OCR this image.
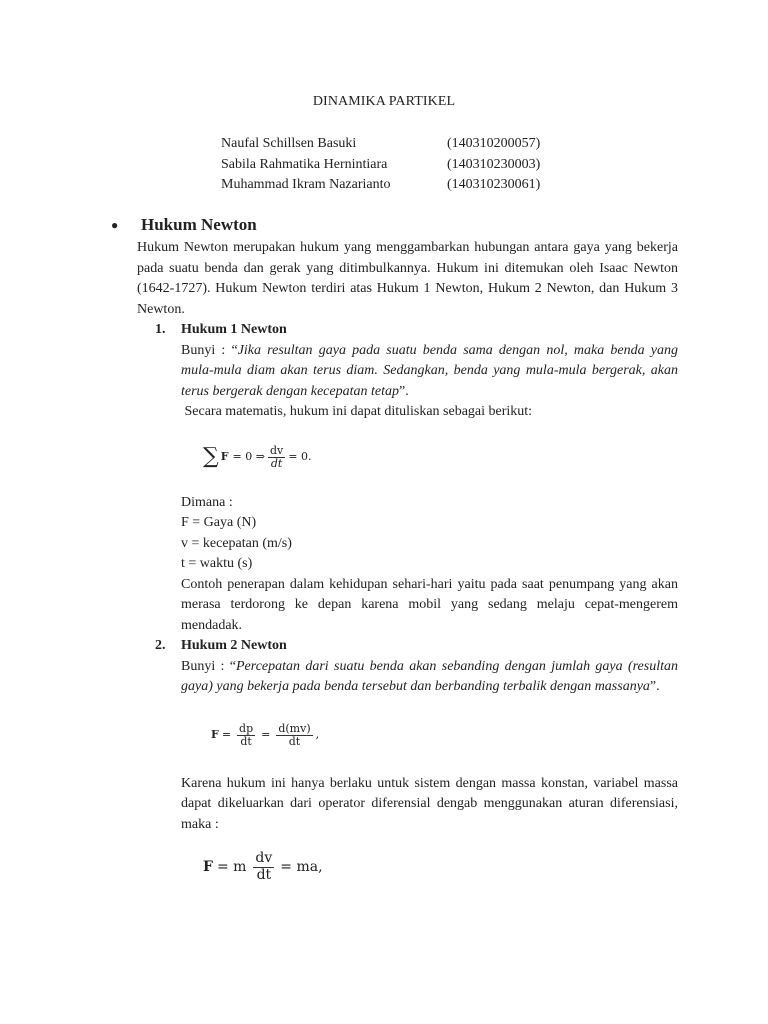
DINAMIKA PARTIKEL
Naufal Schillsen Basuki	(140310200057)
Sabila Rahmatika Hernintiara	(140310230003)
Muhammad Ikram Nazarianto	(140310230061)
●	Hukum Newton
Hukum Newton merupakan hukum yang menggambarkan hubungan antara gaya yang bekerja pada suatu benda dan gerak yang ditimbulkannya. Hukum ini ditemukan oleh Isaac Newton (1642-1727). Hukum Newton terdiri atas Hukum 1 Newton, Hukum 2 Newton, dan Hukum 3 Newton.
1.	Hukum 1 Newton
Bunyi : “Jika resultan gaya pada suatu benda sama dengan nol, maka benda yang mula-mula diam akan terus diam. Sedangkan, benda yang mula-mula bergerak, akan terus bergerak dengan kecepatan tetap”.
Secara matematis, hukum ini dapat dituliskan sebagai berikut:
∑ F = 0 ⇒ $\frac{dv}{dt} = 0$.
Dimana :
F = Gaya (N)
v = kecepatan (m/s)
t = waktu (s)
Contoh penerapan dalam kehidupan sehari-hari yaitu pada saat penumpang yang akan merasa terdorong ke depan karena mobil yang sedang melaju cepat-mengerem mendadak.
2.	Hukum 2 Newton
Bunyi : “Percepatan dari suatu benda akan sebanding dengan jumlah gaya (resultan gaya) yang bekerja pada benda tersebut dan berbanding terbalik dengan massanya”.
$F = \frac{dp}{dt} = \frac{d(mv)}{dt}$ ,
Karena hukum ini hanya berlaku untuk sistem dengan massa konstan, variabel massa dapat dikeluarkan dari operator diferensial dengab menggunakan aturan diferensiasi, maka :
F = m $\frac{dv}{dt}$ = ma,
